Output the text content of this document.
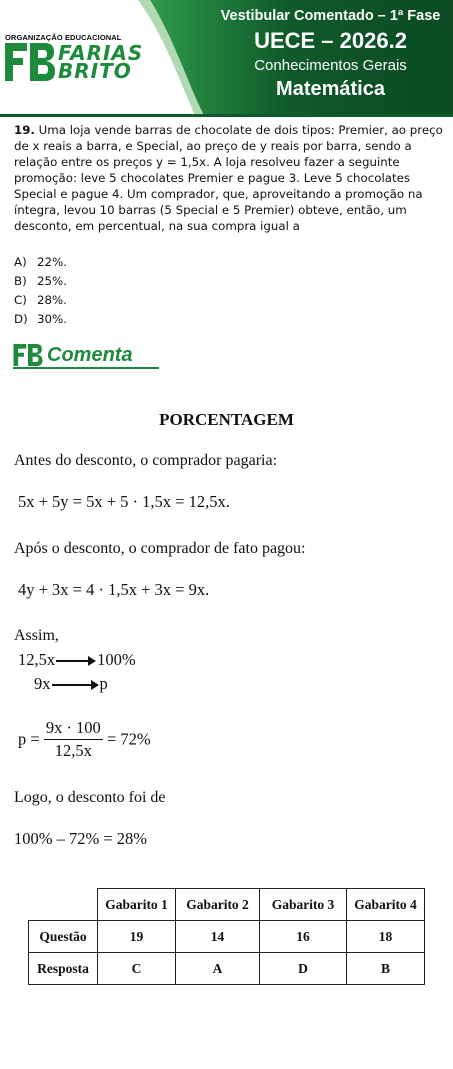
ORGANIZAÇÃO EDUCACIONAL
FARIAS
BRITO
Vestibular Comentado – 1ª Fase
UECE – 2026.2
Conhecimentos Gerais
Matemática
19. Uma loja vende barras de chocolate de dois tipos: Premier, ao preço de x reais a barra, e Special, ao preço de y reais por barra, sendo a relação entre os preços y = 1,5x. A loja resolveu fazer a seguinte promoção: leve 5 chocolates Premier e pague 3. Leve 5 chocolates Special e pague 4. Um comprador, que, aproveitando a promoção na íntegra, levou 10 barras (5 Special e 5 Premier) obteve, então, um desconto, em percentual, na sua compra igual a
A) 22%.
B) 25%.
C) 28%.
D) 30%.
Comenta
PORCENTAGEM
Antes do desconto, o comprador pagaria:
5x + 5y = 5x + 5 · 1,5x = 12,5x.
Após o desconto, o comprador de fato pagou:
4y + 3x = 4 · 1,5x + 3x = 9x.
Assim,
12,5x	100%
9x	p
$p = \frac{9x \cdot 100}{12,5x} = 72\%$
Logo, o desconto foi de
100% – 72% = 28%
	Gabarito 1	Gabarito 2	Gabarito 3	Gabarito 4
Questão	19	14	16	18
Resposta	C	A	D	B
